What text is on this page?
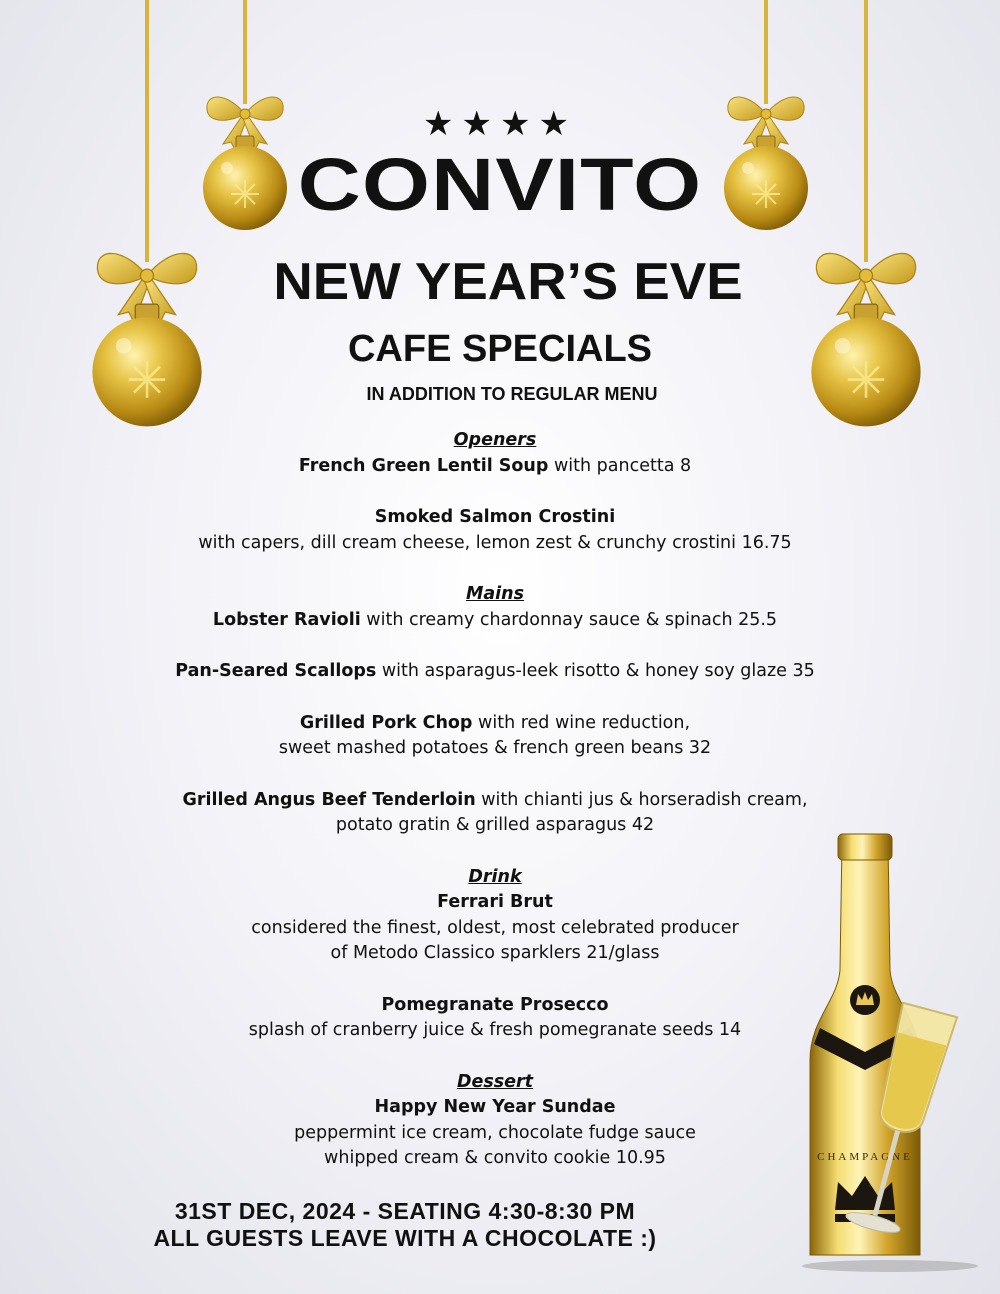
★★★★
CONVITO
NEW YEAR’S EVE
CAFE SPECIALS
IN ADDITION TO REGULAR MENU
Openers
French Green Lentil Soup with pancetta 8
Smoked Salmon Crostini
with capers, dill cream cheese, lemon zest & crunchy crostini 16.75
Mains
Lobster Ravioli with creamy chardonnay sauce & spinach 25.5
Pan-Seared Scallops with asparagus-leek risotto & honey soy glaze 35
Grilled Pork Chop with red wine reduction,
sweet mashed potatoes & french green beans 32
Grilled Angus Beef Tenderloin with chianti jus & horseradish cream,
potato gratin & grilled asparagus 42
Drink
Ferrari Brut
considered the finest, oldest, most celebrated producer
of Metodo Classico sparklers 21/glass
Pomegranate Prosecco
splash of cranberry juice & fresh pomegranate seeds 14
Dessert
Happy New Year Sundae
peppermint ice cream, chocolate fudge sauce
whipped cream & convito cookie 10.95
31ST DEC, 2024 - SEATING 4:30-8:30 PM
ALL GUESTS LEAVE WITH A CHOCOLATE :)
CHAMPAGNE
